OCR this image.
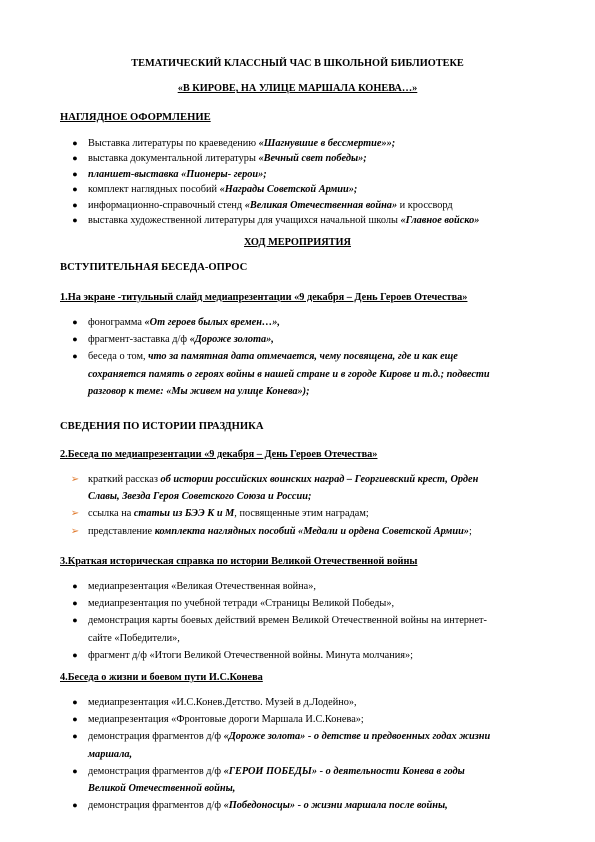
ТЕМАТИЧЕСКИЙ КЛАССНЫЙ ЧАС В ШКОЛЬНОЙ БИБЛИОТЕКЕ
«В КИРОВЕ, НА УЛИЦЕ МАРШАЛА КОНЕВА…»
НАГЛЯДНОЕ ОФОРМЛЕНИЕ
● Выставка литературы по краеведению «Шагнувшие в бессмертие»»;
● выставка документальной литературы «Вечный свет победы»;
● планшет-выставка «Пионеры- герои»;
● комплект наглядных пособий «Награды Советской Армии»;
● информационно-справочный стенд «Великая Отечественная война» и кроссворд
● выставка художественной литературы для учащихся начальной школы «Главное войско»
ХОД МЕРОПРИЯТИЯ
ВСТУПИТЕЛЬНАЯ БЕСЕДА-ОПРОС
1.На экране -титульный слайд медиапрезентации «9 декабря – День Героев Отечества»
● фонограмма «От героев былых времен…»,
● фрагмент-заставка д/ф «Дороже золота»,
● беседа о том, что за памятная дата отмечается, чему посвящена, где и как еще
сохраняется память о героях войны в нашей стране и в городе Кирове и т.д.; подвести
разговор к теме: «Мы живем на улице Конева»);
СВЕДЕНИЯ ПО ИСТОРИИ ПРАЗДНИКА
2.Беседа по медиапрезентации «9 декабря – День Героев Отечества»
➢ краткий рассказ об истории российских воинских наград – Георгиевский крест, Орден
Славы, Звезда Героя Советского Союза и России;
➢ ссылка на статьи из БЭЭ К и М, посвященные этим наградам;
➢ представление комплекта наглядных пособий «Медали и ордена Советской Армии»;
3.Краткая историческая справка по истории Великой Отечественной войны
● медиапрезентация «Великая Отечественная война»,
● медиапрезентация по учебной тетради «Страницы Великой Победы»,
● демонстрация карты боевых действий времен Великой Отечественной войны на интернет-
сайте «Победители»,
● фрагмент д/ф «Итоги Великой Отечественной войны. Минута молчания»;
4.Беседа о жизни и боевом пути И.С.Конева
● медиапрезентация «И.С.Конев.Детство. Музей в д.Лодейно»,
● медиапрезентация «Фронтовые дороги Маршала И.С.Конева»;
● демонстрация фрагментов д/ф «Дороже золота» - о детстве и предвоенных годах жизни
маршала,
● демонстрация фрагментов д/ф «ГЕРОИ ПОБЕДЫ» - о деятельности Конева в годы
Великой Отечественной войны,
● демонстрация фрагментов д/ф «Победоносцы» - о жизни маршала после войны,
